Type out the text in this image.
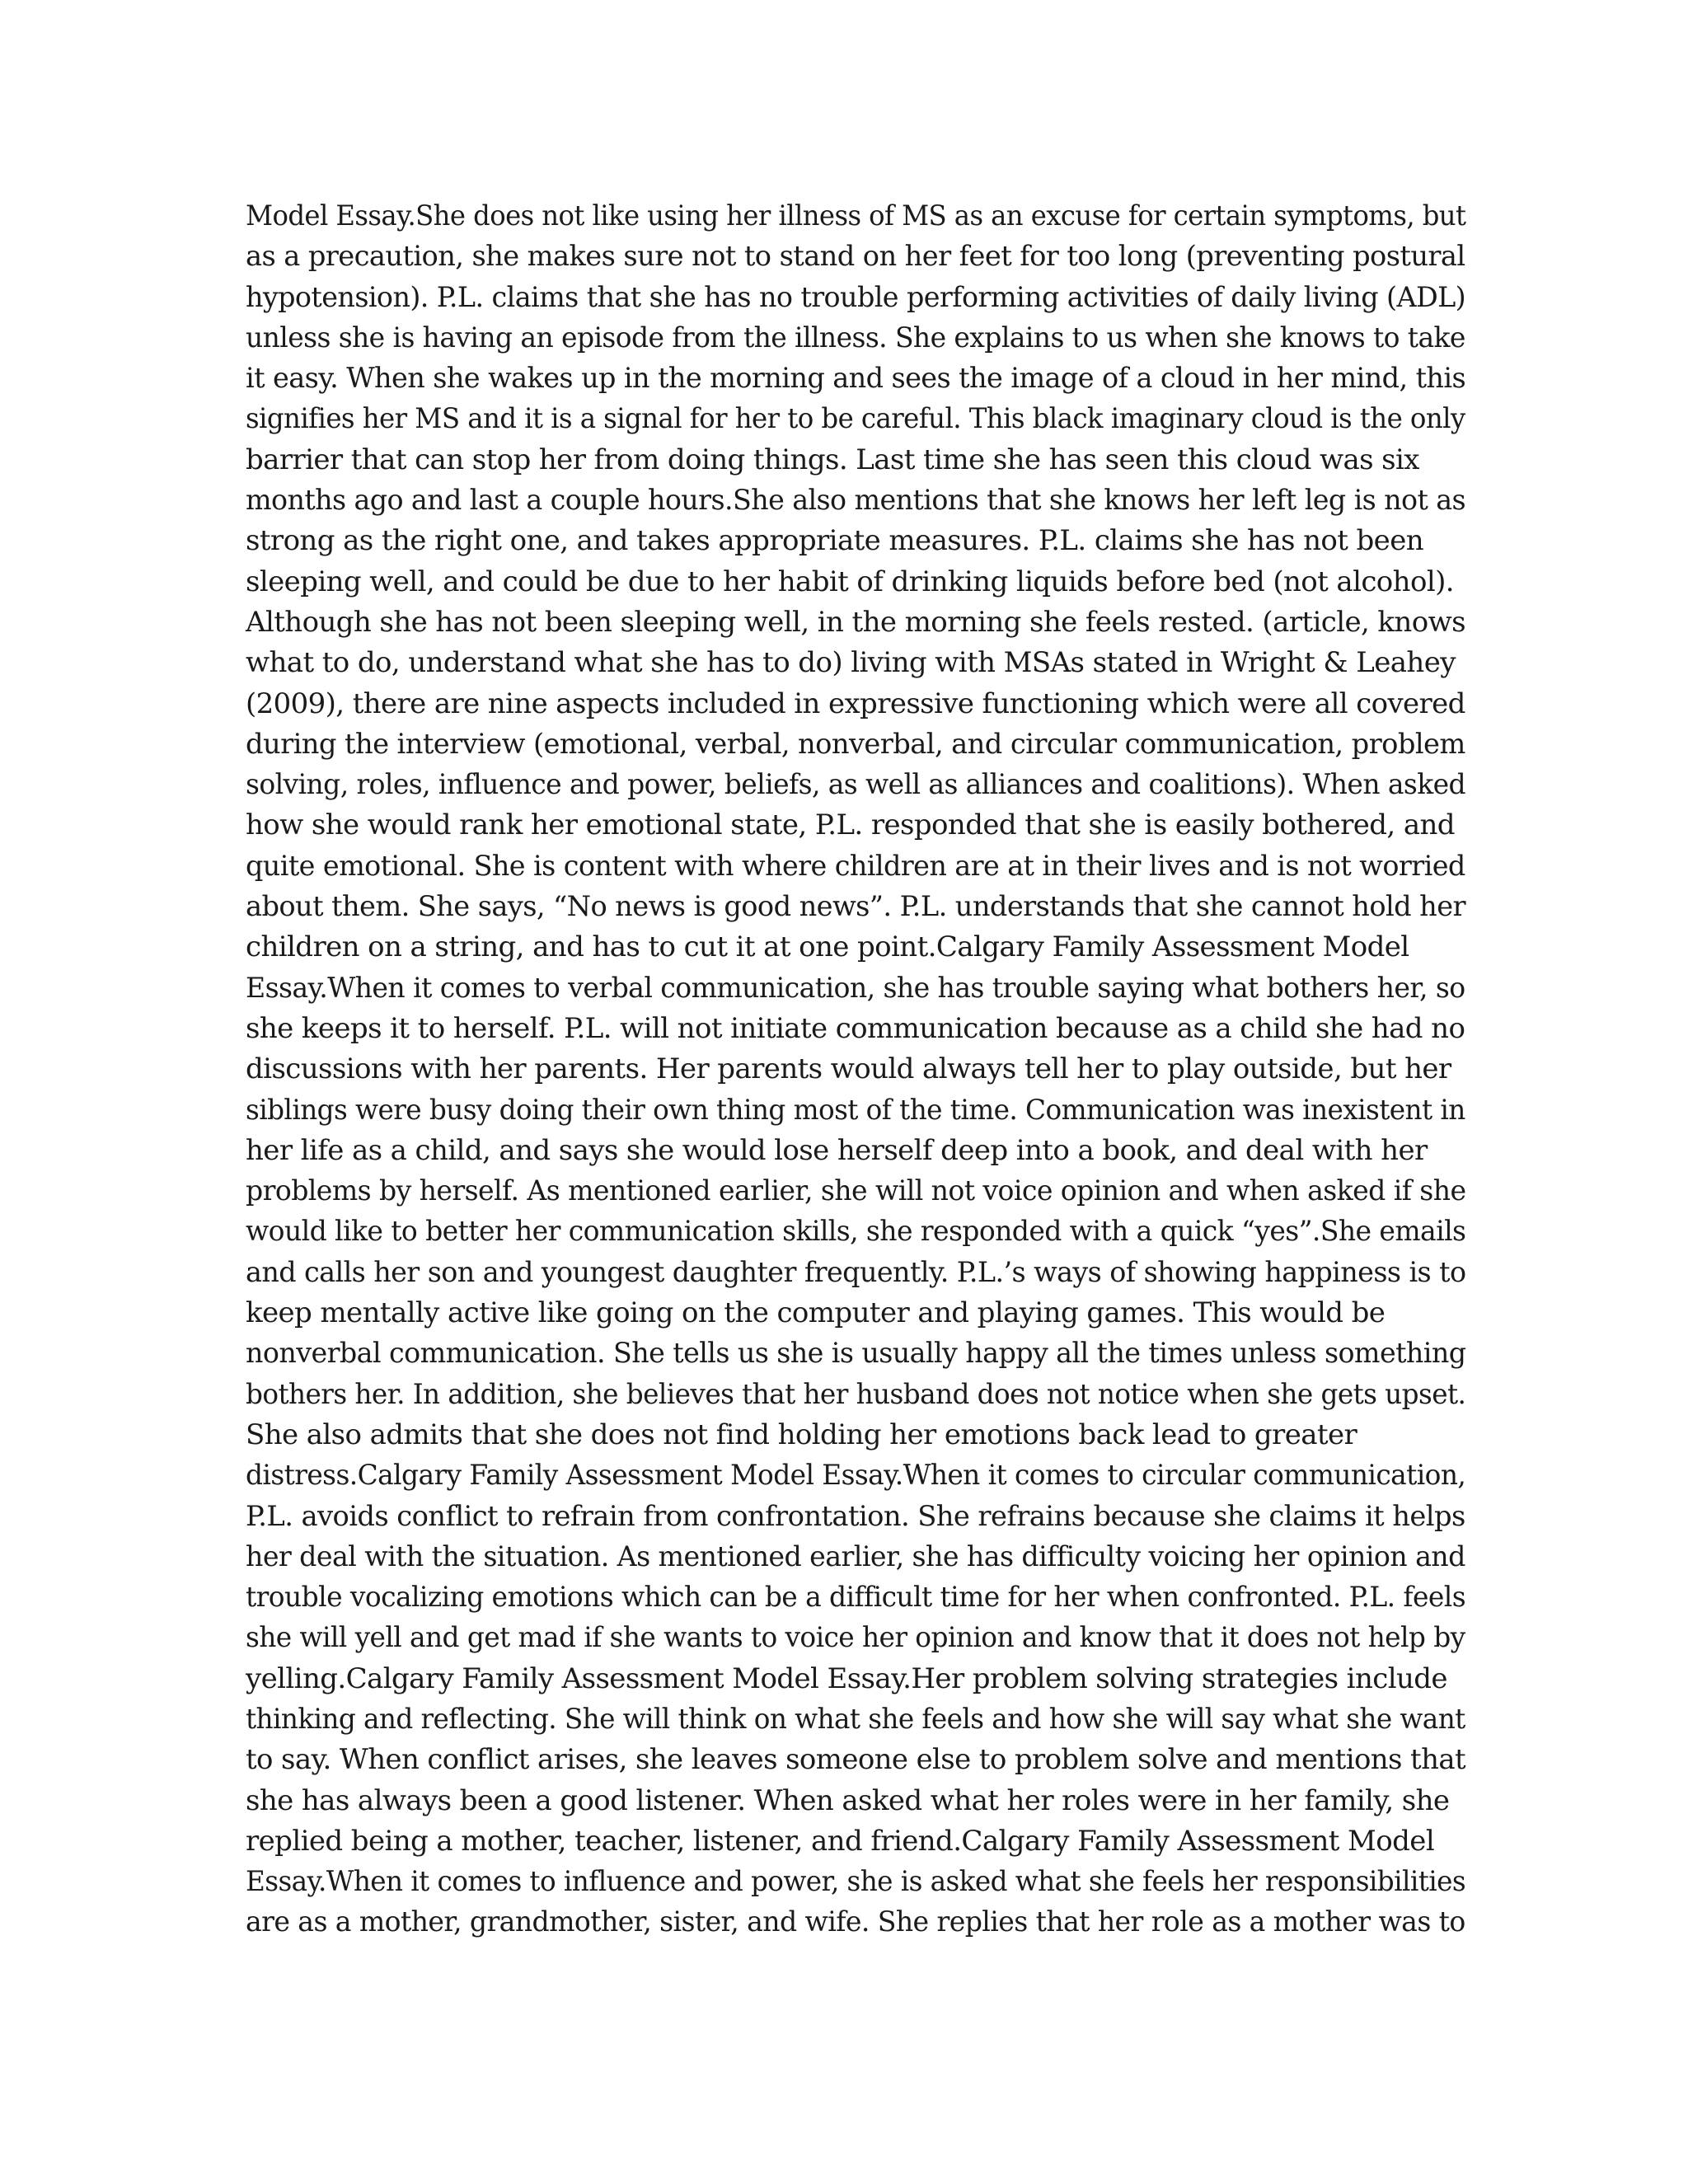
Model Essay.She does not like using her illness of MS as an excuse for certain symptoms, but
as a precaution, she makes sure not to stand on her feet for too long (preventing postural
hypotension). P.L. claims that she has no trouble performing activities of daily living (ADL)
unless she is having an episode from the illness. She explains to us when she knows to take
it easy. When she wakes up in the morning and sees the image of a cloud in her mind, this
signifies her MS and it is a signal for her to be careful. This black imaginary cloud is the only
barrier that can stop her from doing things. Last time she has seen this cloud was six
months ago and last a couple hours.She also mentions that she knows her left leg is not as
strong as the right one, and takes appropriate measures. P.L. claims she has not been
sleeping well, and could be due to her habit of drinking liquids before bed (not alcohol).
Although she has not been sleeping well, in the morning she feels rested. (article, knows
what to do, understand what she has to do) living with MSAs stated in Wright & Leahey
(2009), there are nine aspects included in expressive functioning which were all covered
during the interview (emotional, verbal, nonverbal, and circular communication, problem
solving, roles, influence and power, beliefs, as well as alliances and coalitions). When asked
how she would rank her emotional state, P.L. responded that she is easily bothered, and
quite emotional. She is content with where children are at in their lives and is not worried
about them. She says, “No news is good news”. P.L. understands that she cannot hold her
children on a string, and has to cut it at one point.Calgary Family Assessment Model
Essay.When it comes to verbal communication, she has trouble saying what bothers her, so
she keeps it to herself. P.L. will not initiate communication because as a child she had no
discussions with her parents. Her parents would always tell her to play outside, but her
siblings were busy doing their own thing most of the time. Communication was inexistent in
her life as a child, and says she would lose herself deep into a book, and deal with her
problems by herself. As mentioned earlier, she will not voice opinion and when asked if she
would like to better her communication skills, she responded with a quick “yes”.She emails
and calls her son and youngest daughter frequently. P.L.’s ways of showing happiness is to
keep mentally active like going on the computer and playing games. This would be
nonverbal communication. She tells us she is usually happy all the times unless something
bothers her. In addition, she believes that her husband does not notice when she gets upset.
She also admits that she does not find holding her emotions back lead to greater
distress.Calgary Family Assessment Model Essay.When it comes to circular communication,
P.L. avoids conflict to refrain from confrontation. She refrains because she claims it helps
her deal with the situation. As mentioned earlier, she has difficulty voicing her opinion and
trouble vocalizing emotions which can be a difficult time for her when confronted. P.L. feels
she will yell and get mad if she wants to voice her opinion and know that it does not help by
yelling.Calgary Family Assessment Model Essay.Her problem solving strategies include
thinking and reflecting. She will think on what she feels and how she will say what she want
to say. When conflict arises, she leaves someone else to problem solve and mentions that
she has always been a good listener. When asked what her roles were in her family, she
replied being a mother, teacher, listener, and friend.Calgary Family Assessment Model
Essay.When it comes to influence and power, she is asked what she feels her responsibilities
are as a mother, grandmother, sister, and wife. She replies that her role as a mother was to
